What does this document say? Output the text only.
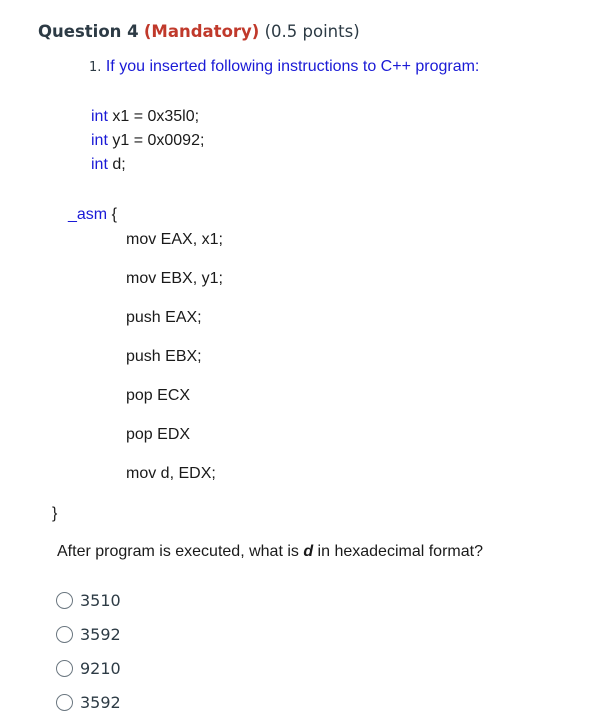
Question 4 (Mandatory) (0.5 points)
1. If you inserted following instructions to C++ program:
int x1 = 0x35l0;
int y1 = 0x0092;
int d;
_asm {
mov EAX, x1;
mov EBX, y1;
push EAX;
push EBX;
pop ECX
pop EDX
mov d, EDX;
}
After program is executed, what is d in hexadecimal format?
3510
3592
9210
3592
